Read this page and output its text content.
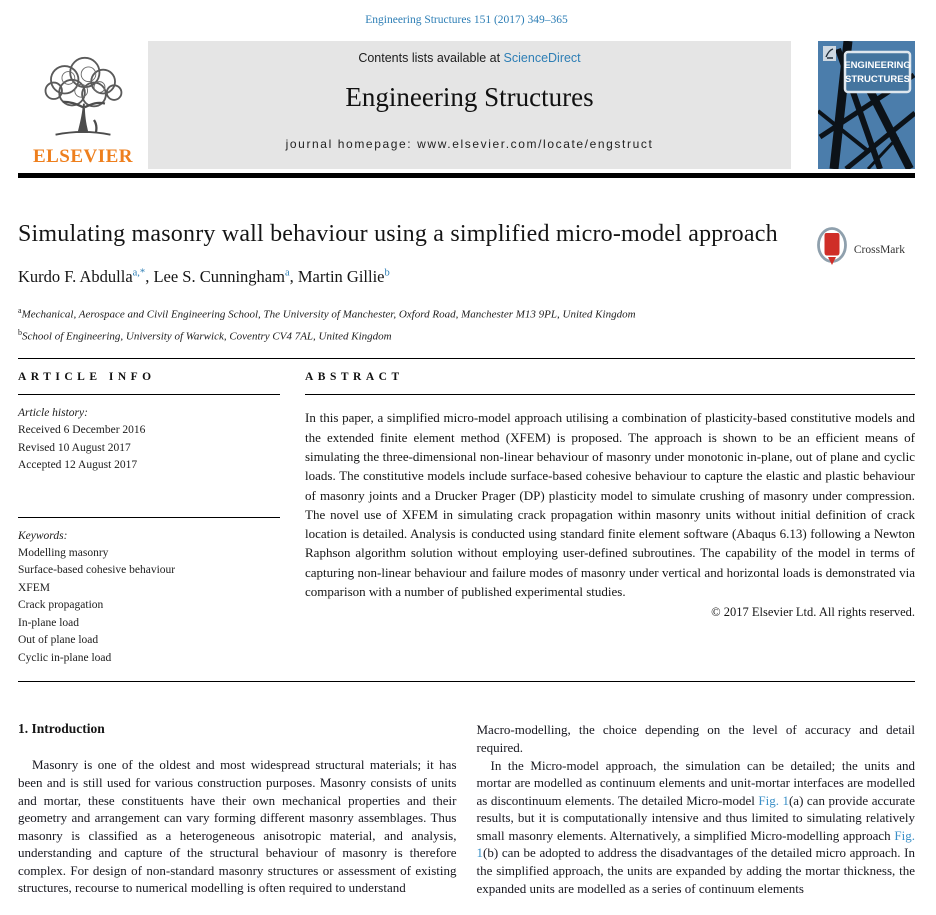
Engineering Structures 151 (2017) 349–365
ELSEVIER
Contents lists available at ScienceDirect
Engineering Structures
journal homepage: www.elsevier.com/locate/engstruct
ENGINEERING
STRUCTURES
Simulating masonry wall behaviour using a simplified micro-model approach
CrossMark
Kurdo F. Abdulla$^{a,*}$, Lee S. Cunningham$^a$, Martin Gillie$^b$
$^a$Mechanical, Aerospace and Civil Engineering School, The University of Manchester, Oxford Road, Manchester M13 9PL, United Kingdom
$^b$School of Engineering, University of Warwick, Coventry CV4 7AL, United Kingdom
ARTICLE INFO
Article history:
Received 6 December 2016
Revised 10 August 2017
Accepted 12 August 2017
Keywords:
Modelling masonry
Surface-based cohesive behaviour
XFEM
Crack propagation
In-plane load
Out of plane load
Cyclic in-plane load
ABSTRACT

In this paper, a simplified micro-model approach utilising a combination of plasticity-based constitutive models and the extended finite element method (XFEM) is proposed. The approach is shown to be an efficient means of simulating the three-dimensional non-linear behaviour of masonry under monotonic in-plane, out of plane and cyclic loads. The constitutive models include surface-based cohesive behaviour to capture the elastic and plastic behaviour of masonry joints and a Drucker Prager (DP) plasticity model to simulate crushing of masonry under compression. The novel use of XFEM in simulating crack propagation within masonry units without initial definition of crack location is detailed. Analysis is conducted using standard finite element software (Abaqus 6.13) following a Newton Raphson algorithm solution without employing user-defined subroutines. The capability of the model in terms of capturing non-linear behaviour and failure modes of masonry under vertical and horizontal loads is demonstrated via comparison with a number of published experimental studies.

© 2017 Elsevier Ltd. All rights reserved.
1. Introduction

Masonry is one of the oldest and most widespread structural materials; it has been and is still used for various construction purposes. Masonry consists of units and mortar, these constituents have their own mechanical properties and their geometry and arrangement can vary forming different masonry assemblages. Thus masonry is classified as a heterogeneous anisotropic material, and analysis, understanding and capture of the structural behaviour of masonry is therefore complex. For design of non-standard masonry structures or assessment of existing structures, recourse to numerical modelling is often required to understand

Macro-modelling, the choice depending on the level of accuracy and detail required.

In the Micro-model approach, the simulation can be detailed; the units and mortar are modelled as continuum elements and unit-mortar interfaces are modelled as discontinuum elements. The detailed Micro-model Fig. 1(a) can provide accurate results, but it is computationally intensive and thus limited to simulating relatively small masonry elements. Alternatively, a simplified Micro-modelling approach Fig. 1(b) can be adopted to address the disadvantages of the detailed micro approach. In the simplified approach, the units are expanded by adding the mortar thickness, the expanded units are modelled as a series of continuum elements
